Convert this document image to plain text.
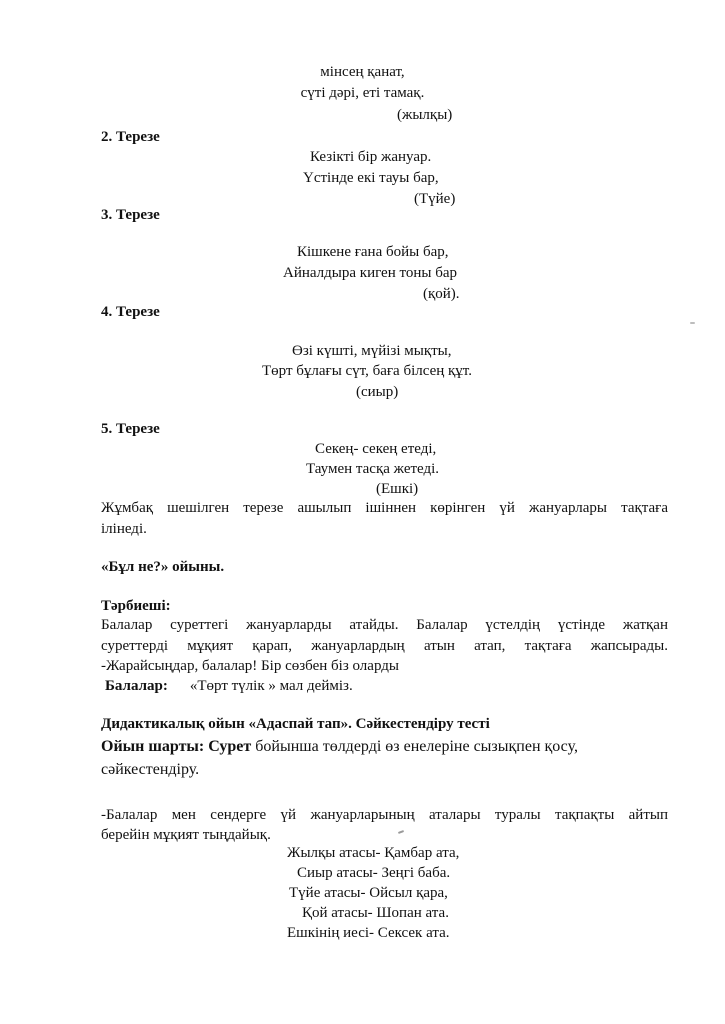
мінсең қанат,
сүті дәрі, еті тамақ.
(жылқы)
2. Терезе
Кезікті бір жануар.
Үстінде екі тауы бар,
(Түйе)
3. Терезе
Кішкене ғана бойы бар,
Айналдыра киген тоны бар
(қой).
4. Терезе
Өзі күшті, мүйізі мықты,
Төрт бұлағы сүт, баға білсең құт.
(сиыр)
5. Терезе
Секең- секең етеді,
Таумен тасқа жетеді.
(Ешкі)
Жұмбақ шешілген терезе ашылып ішіннен көрінген үй жануарлары тақтаға
ілінеді.
«Бұл не?» ойыны.
Тәрбиеші:
Балалар суреттегі жануарларды атайды. Балалар үстелдің үстінде жатқан
суреттерді мұқият қарап, жануарлардың атын атап, тақтаға жапсырады.
-Жарайсыңдар, балалар! Бір сөзбен біз оларды
Балалар: «Төрт түлік » мал дейміз.
Дидактикалық ойын «Адаспай тап». Сәйкестендіру тесті
Ойын шарты: Сурет бойынша төлдерді өз енелеріне сызықпен қосу,
сәйкестендіру.
-Балалар мен сендерге үй жануарларының аталары туралы тақпақты айтып
берейін мұқият тыңдайық.
Жылқы атасы- Қамбар ата,
Сиыр атасы- Зеңгі баба.
Түйе атасы- Ойсыл қара,
Қой атасы- Шопан ата.
Ешкінің иесі- Сексек ата.
